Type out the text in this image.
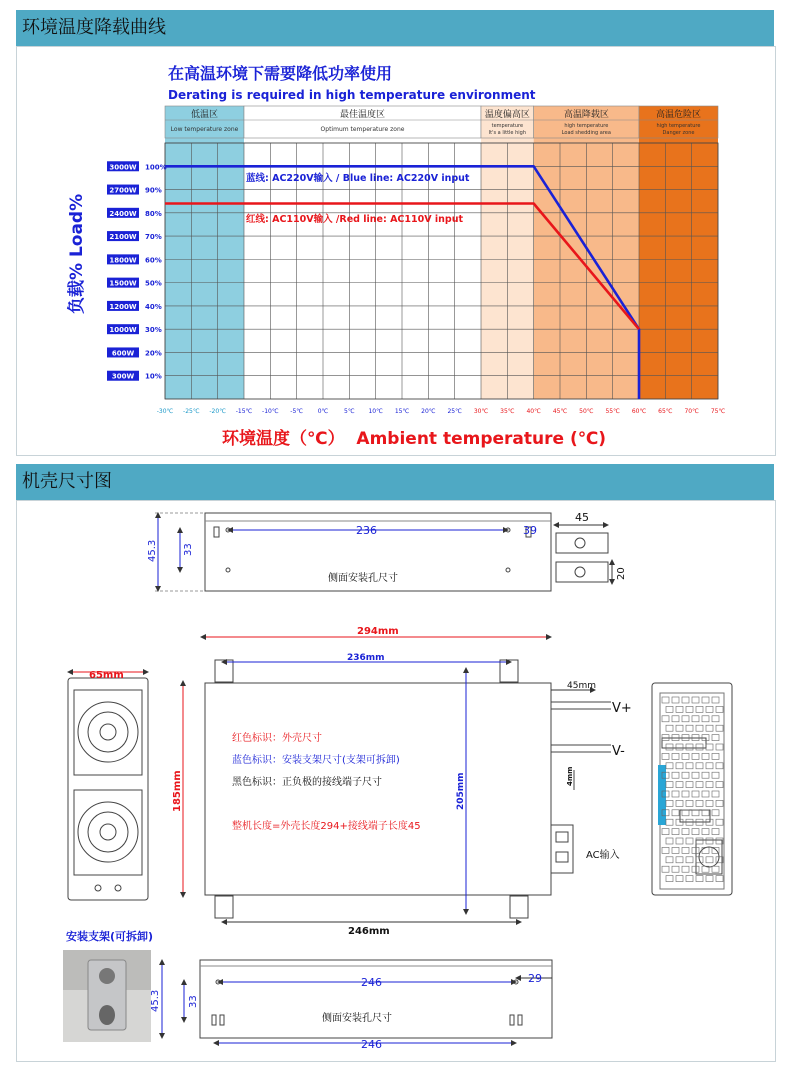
环境温度降载曲线
机壳尺寸图
在高温环境下需要降低功率使用
Derating is required in high temperature environment
低温区
Low temperature zone
最佳温度区
Optimum temperature zone
温度偏高区
temperature
It's a little high
高温降载区
high temperature
Load shedding area
高温危险区
high temperature
Danger zone
-30℃ -25℃ -20℃ -15℃ -10℃ -5℃ 0℃	5℃ 10℃ 15℃ 20℃ 25℃ 30℃ 35℃ 40℃ 45℃ 50℃ 55℃ 60℃ 65℃ 70℃ 75℃
300W 10%
600W 20%
1000W 30%
1200W 40%
1500W 50%
1800W 60%
2100W 70%
2400W 80%
2700W 90%
3000W 100%
蓝线: AC220V输入 / Blue line: AC220V input
红线: AC110V输入 /Red line: AC110V input
负载% Load%
环境温度（℃）  Ambient temperature (℃)
45.3	33
236	39
45
20
侧面安装孔尺寸
65mm
294mm
236mm
185mm	205mm
246mm
45mm
4mm
V+
V-
AC输入
红色标识：外壳尺寸
蓝色标识：安装支架尺寸(支架可拆卸)
黑色标识：正负极的接线端子尺寸
整机长度=外壳长度294+接线端子长度45
安装支架(可拆卸)
246
246
29
45.3	33
侧面安装孔尺寸
